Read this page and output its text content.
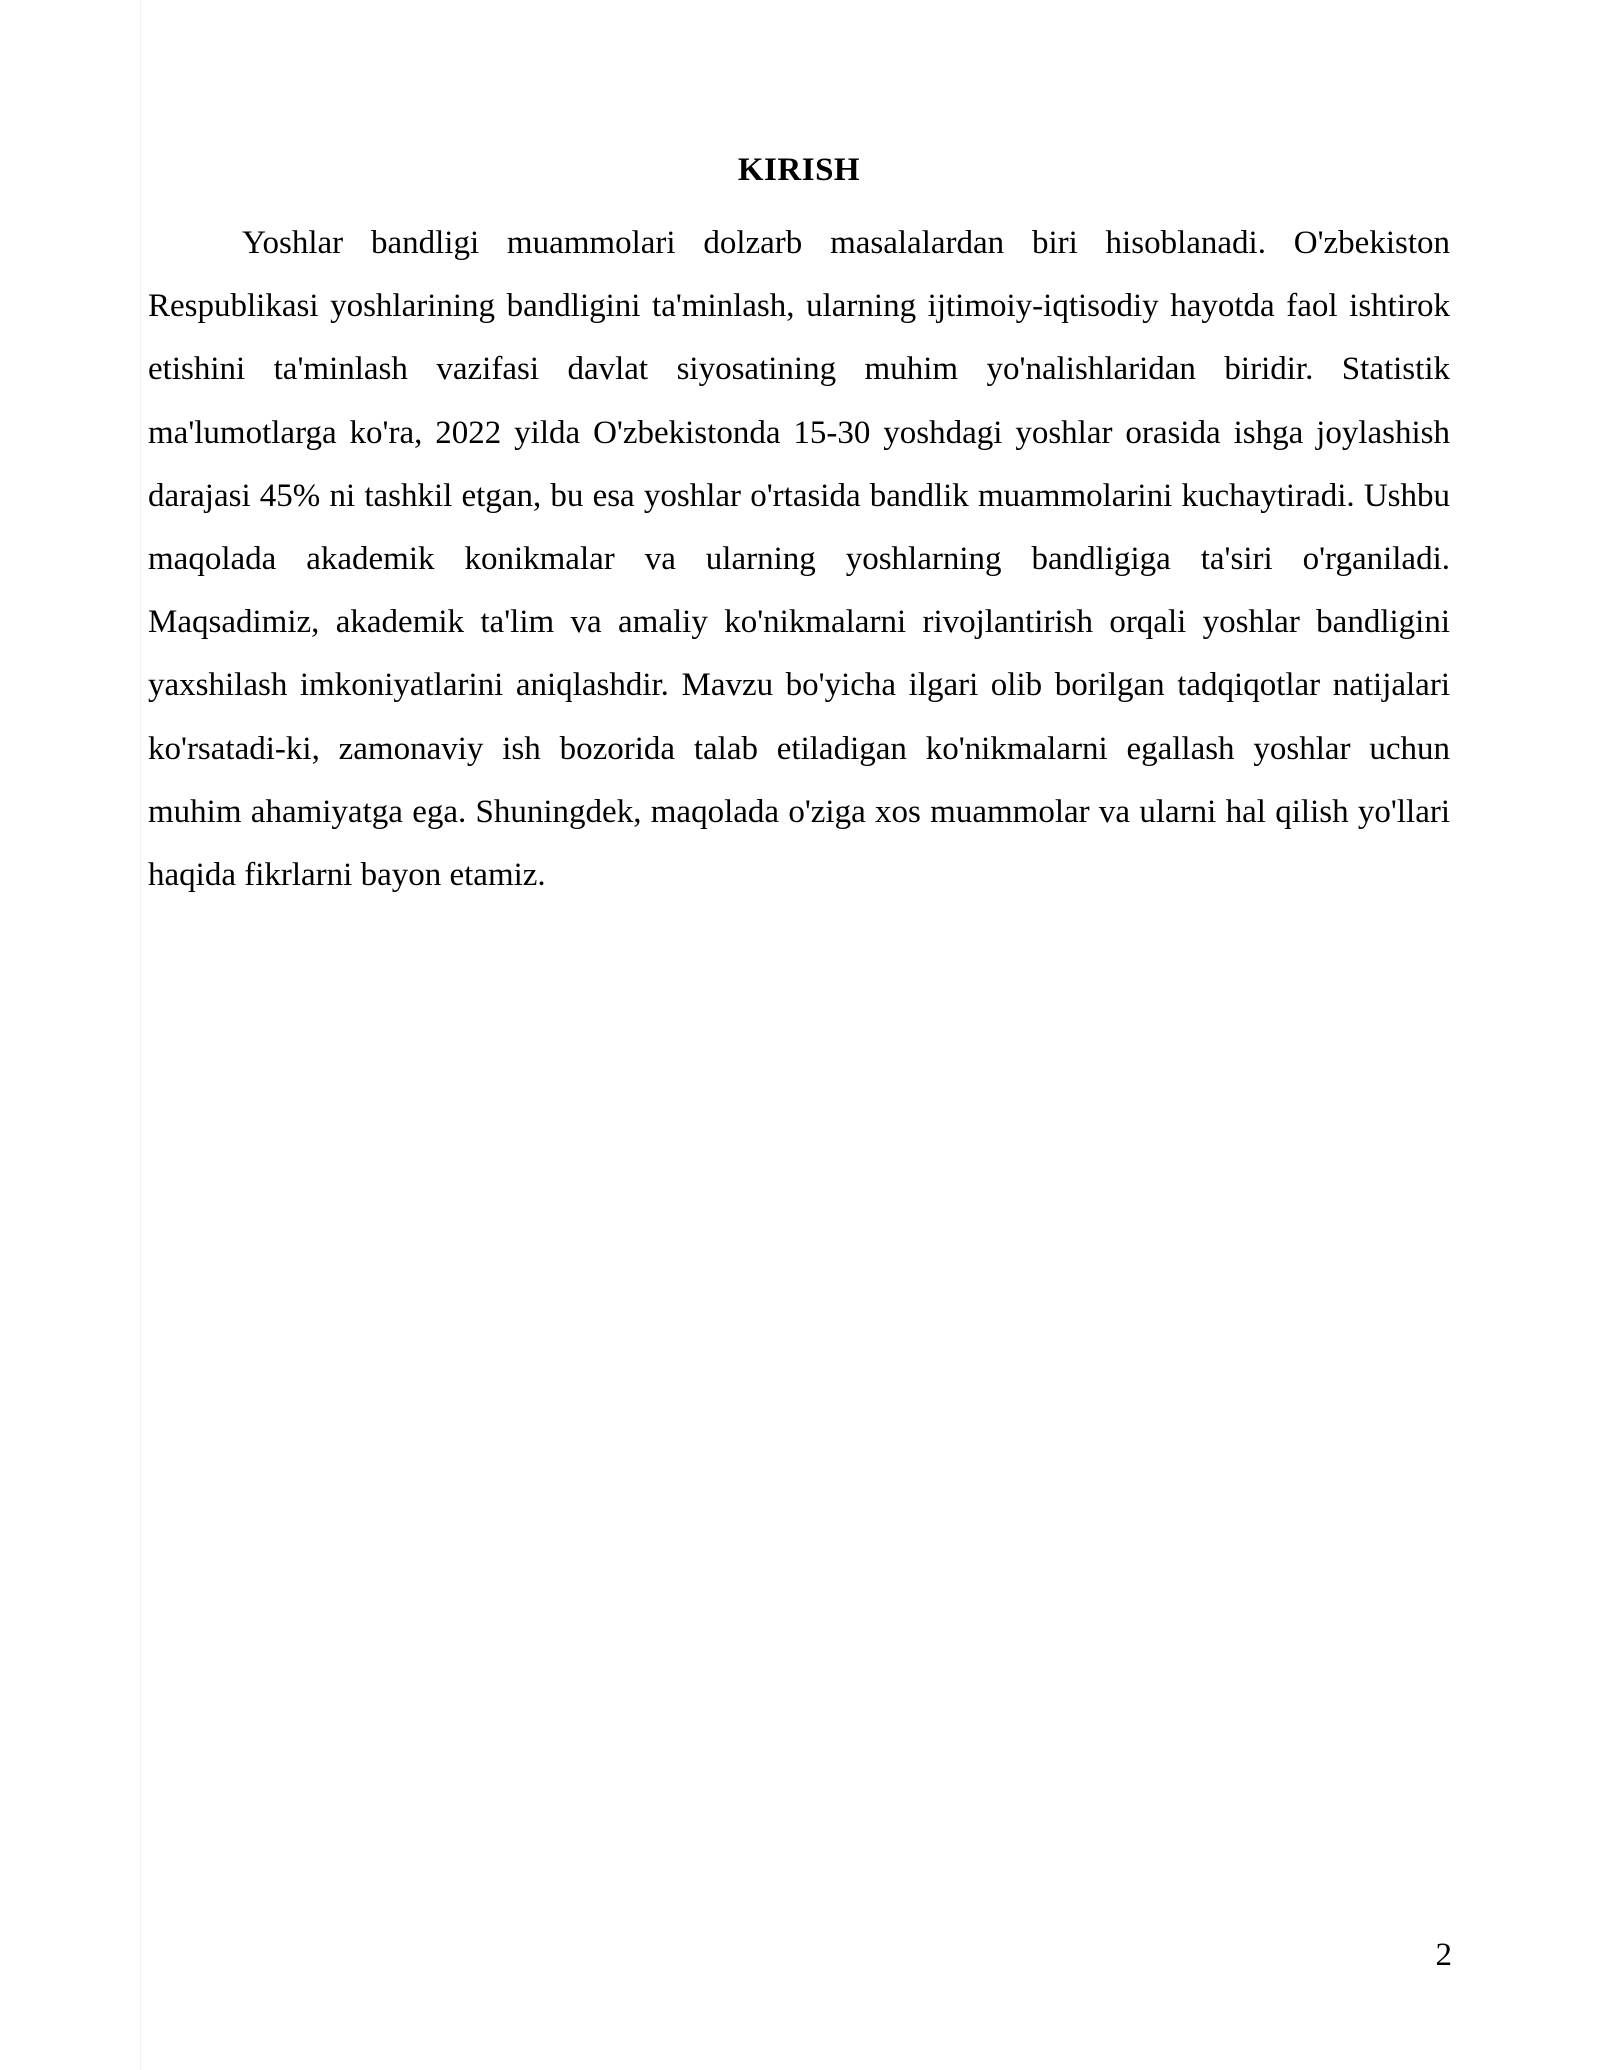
KIRISH

Yoshlar bandligi muammolari dolzarb masalalardan biri hisoblanadi. O'zbekiston Respublikasi yoshlarining bandligini ta'minlash, ularning ijtimoiy-iqtisodiy hayotda faol ishtirok etishini ta'minlash vazifasi davlat siyosatining muhim yo'nalishlaridan biridir. Statistik ma'lumotlarga ko'ra, 2022 yilda O'zbekistonda 15-30 yoshdagi yoshlar orasida ishga joylashish darajasi 45% ni tashkil etgan, bu esa yoshlar o'rtasida bandlik muammolarini kuchaytiradi. Ushbu maqolada akademik konikmalar va ularning yoshlarning bandligiga ta'siri o'rganiladi. Maqsadimiz, akademik ta'lim va amaliy ko'nikmalarni rivojlantirish orqali yoshlar bandligini yaxshilash imkoniyatlarini aniqlashdir. Mavzu bo'yicha ilgari olib borilgan tadqiqotlar natijalari ko'rsatadi-ki, zamonaviy ish bozorida talab etiladigan ko'nikmalarni egallash yoshlar uchun muhim ahamiyatga ega. Shuningdek, maqolada o'ziga xos muammolar va ularni hal qilish yo'llari haqida fikrlarni bayon etamiz.

2
